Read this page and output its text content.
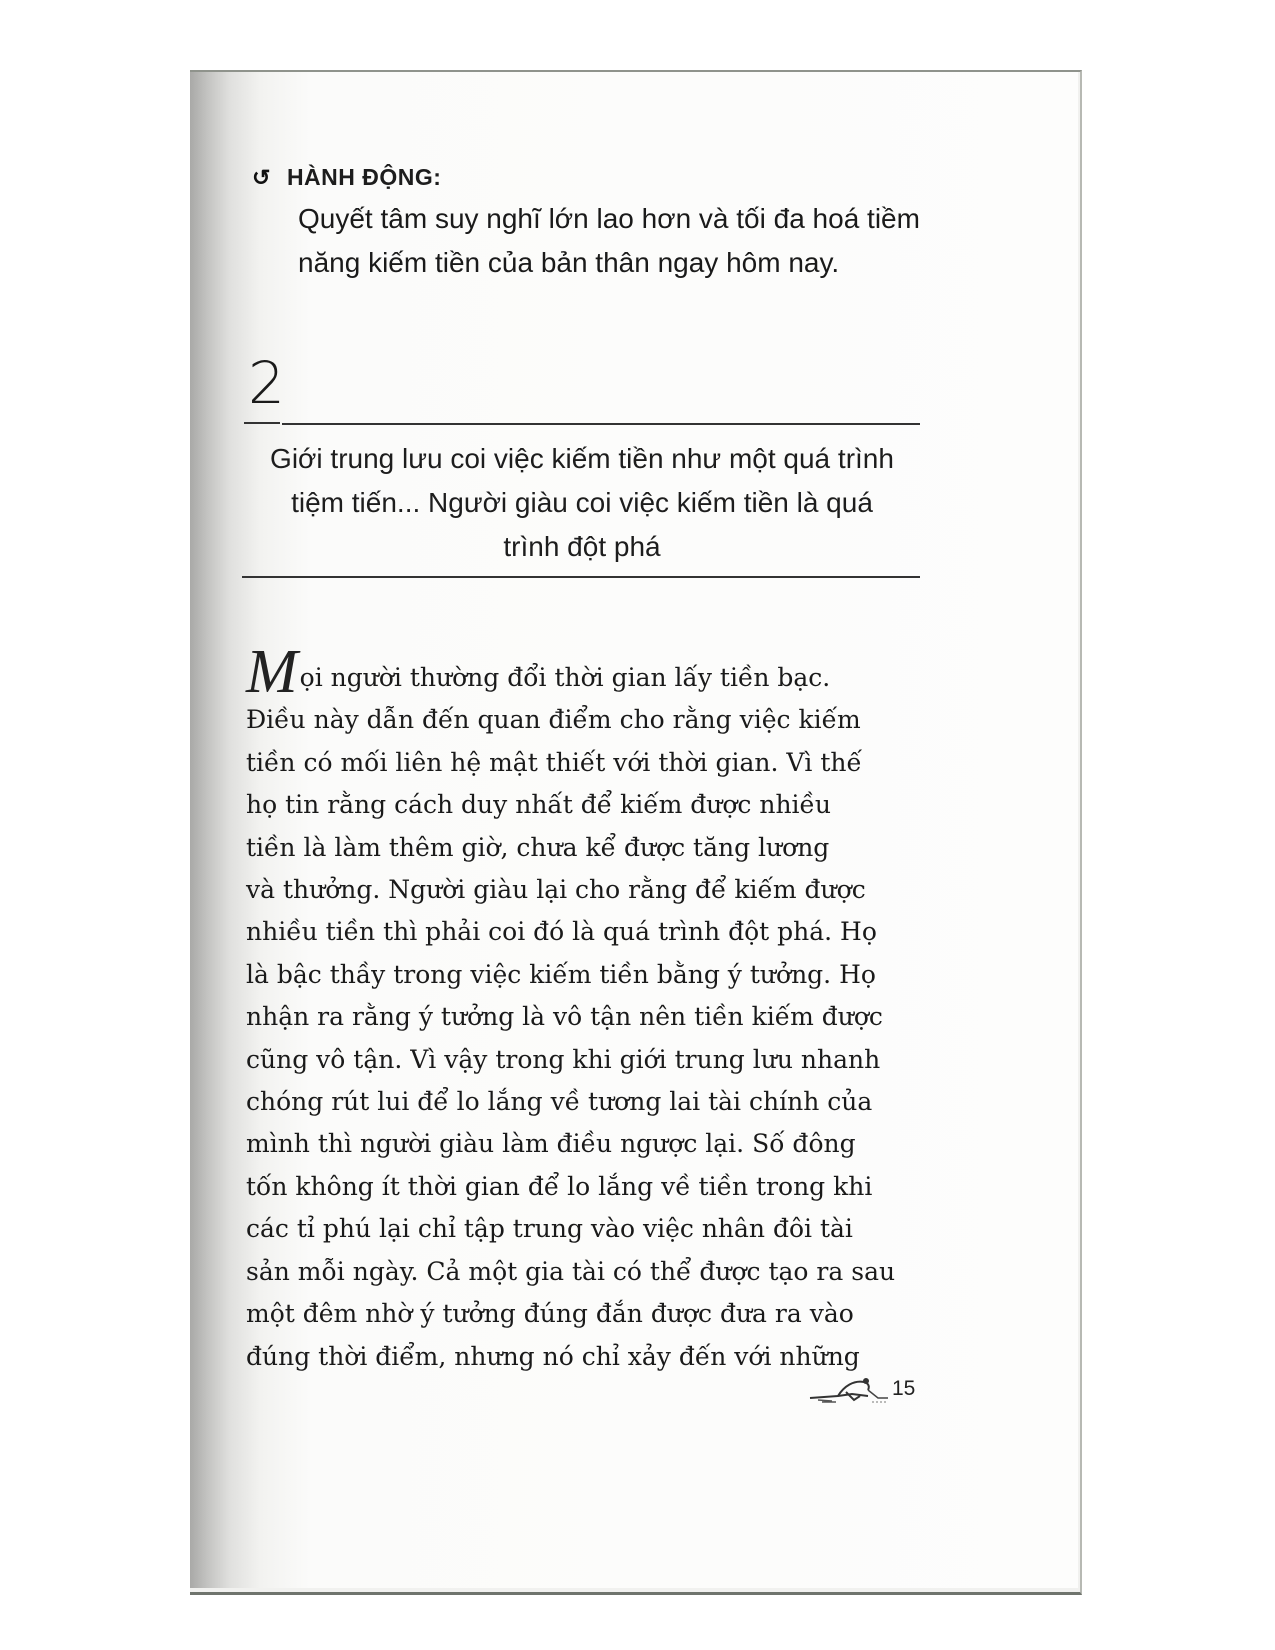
↺ HÀNH ĐỘNG:
Quyết tâm suy nghĩ lớn lao hơn và tối đa hoá tiềm
năng kiếm tiền của bản thân ngay hôm nay.
2
Giới trung lưu coi việc kiếm tiền như một quá trình
tiệm tiến... Người giàu coi việc kiếm tiền là quá
trình đột phá
Mọi người thường đổi thời gian lấy tiền bạc.
Điều này dẫn đến quan điểm cho rằng việc kiếm
tiền có mối liên hệ mật thiết với thời gian. Vì thế
họ tin rằng cách duy nhất để kiếm được nhiều
tiền là làm thêm giờ, chưa kể được tăng lương
và thưởng. Người giàu lại cho rằng để kiếm được
nhiều tiền thì phải coi đó là quá trình đột phá. Họ
là bậc thầy trong việc kiếm tiền bằng ý tưởng. Họ
nhận ra rằng ý tưởng là vô tận nên tiền kiếm được
cũng vô tận. Vì vậy trong khi giới trung lưu nhanh
chóng rút lui để lo lắng về tương lai tài chính của
mình thì người giàu làm điều ngược lại. Số đông
tốn không ít thời gian để lo lắng về tiền trong khi
các tỉ phú lại chỉ tập trung vào việc nhân đôi tài
sản mỗi ngày. Cả một gia tài có thể được tạo ra sau
một đêm nhờ ý tưởng đúng đắn được đưa ra vào
đúng thời điểm, nhưng nó chỉ xảy đến với những
15
